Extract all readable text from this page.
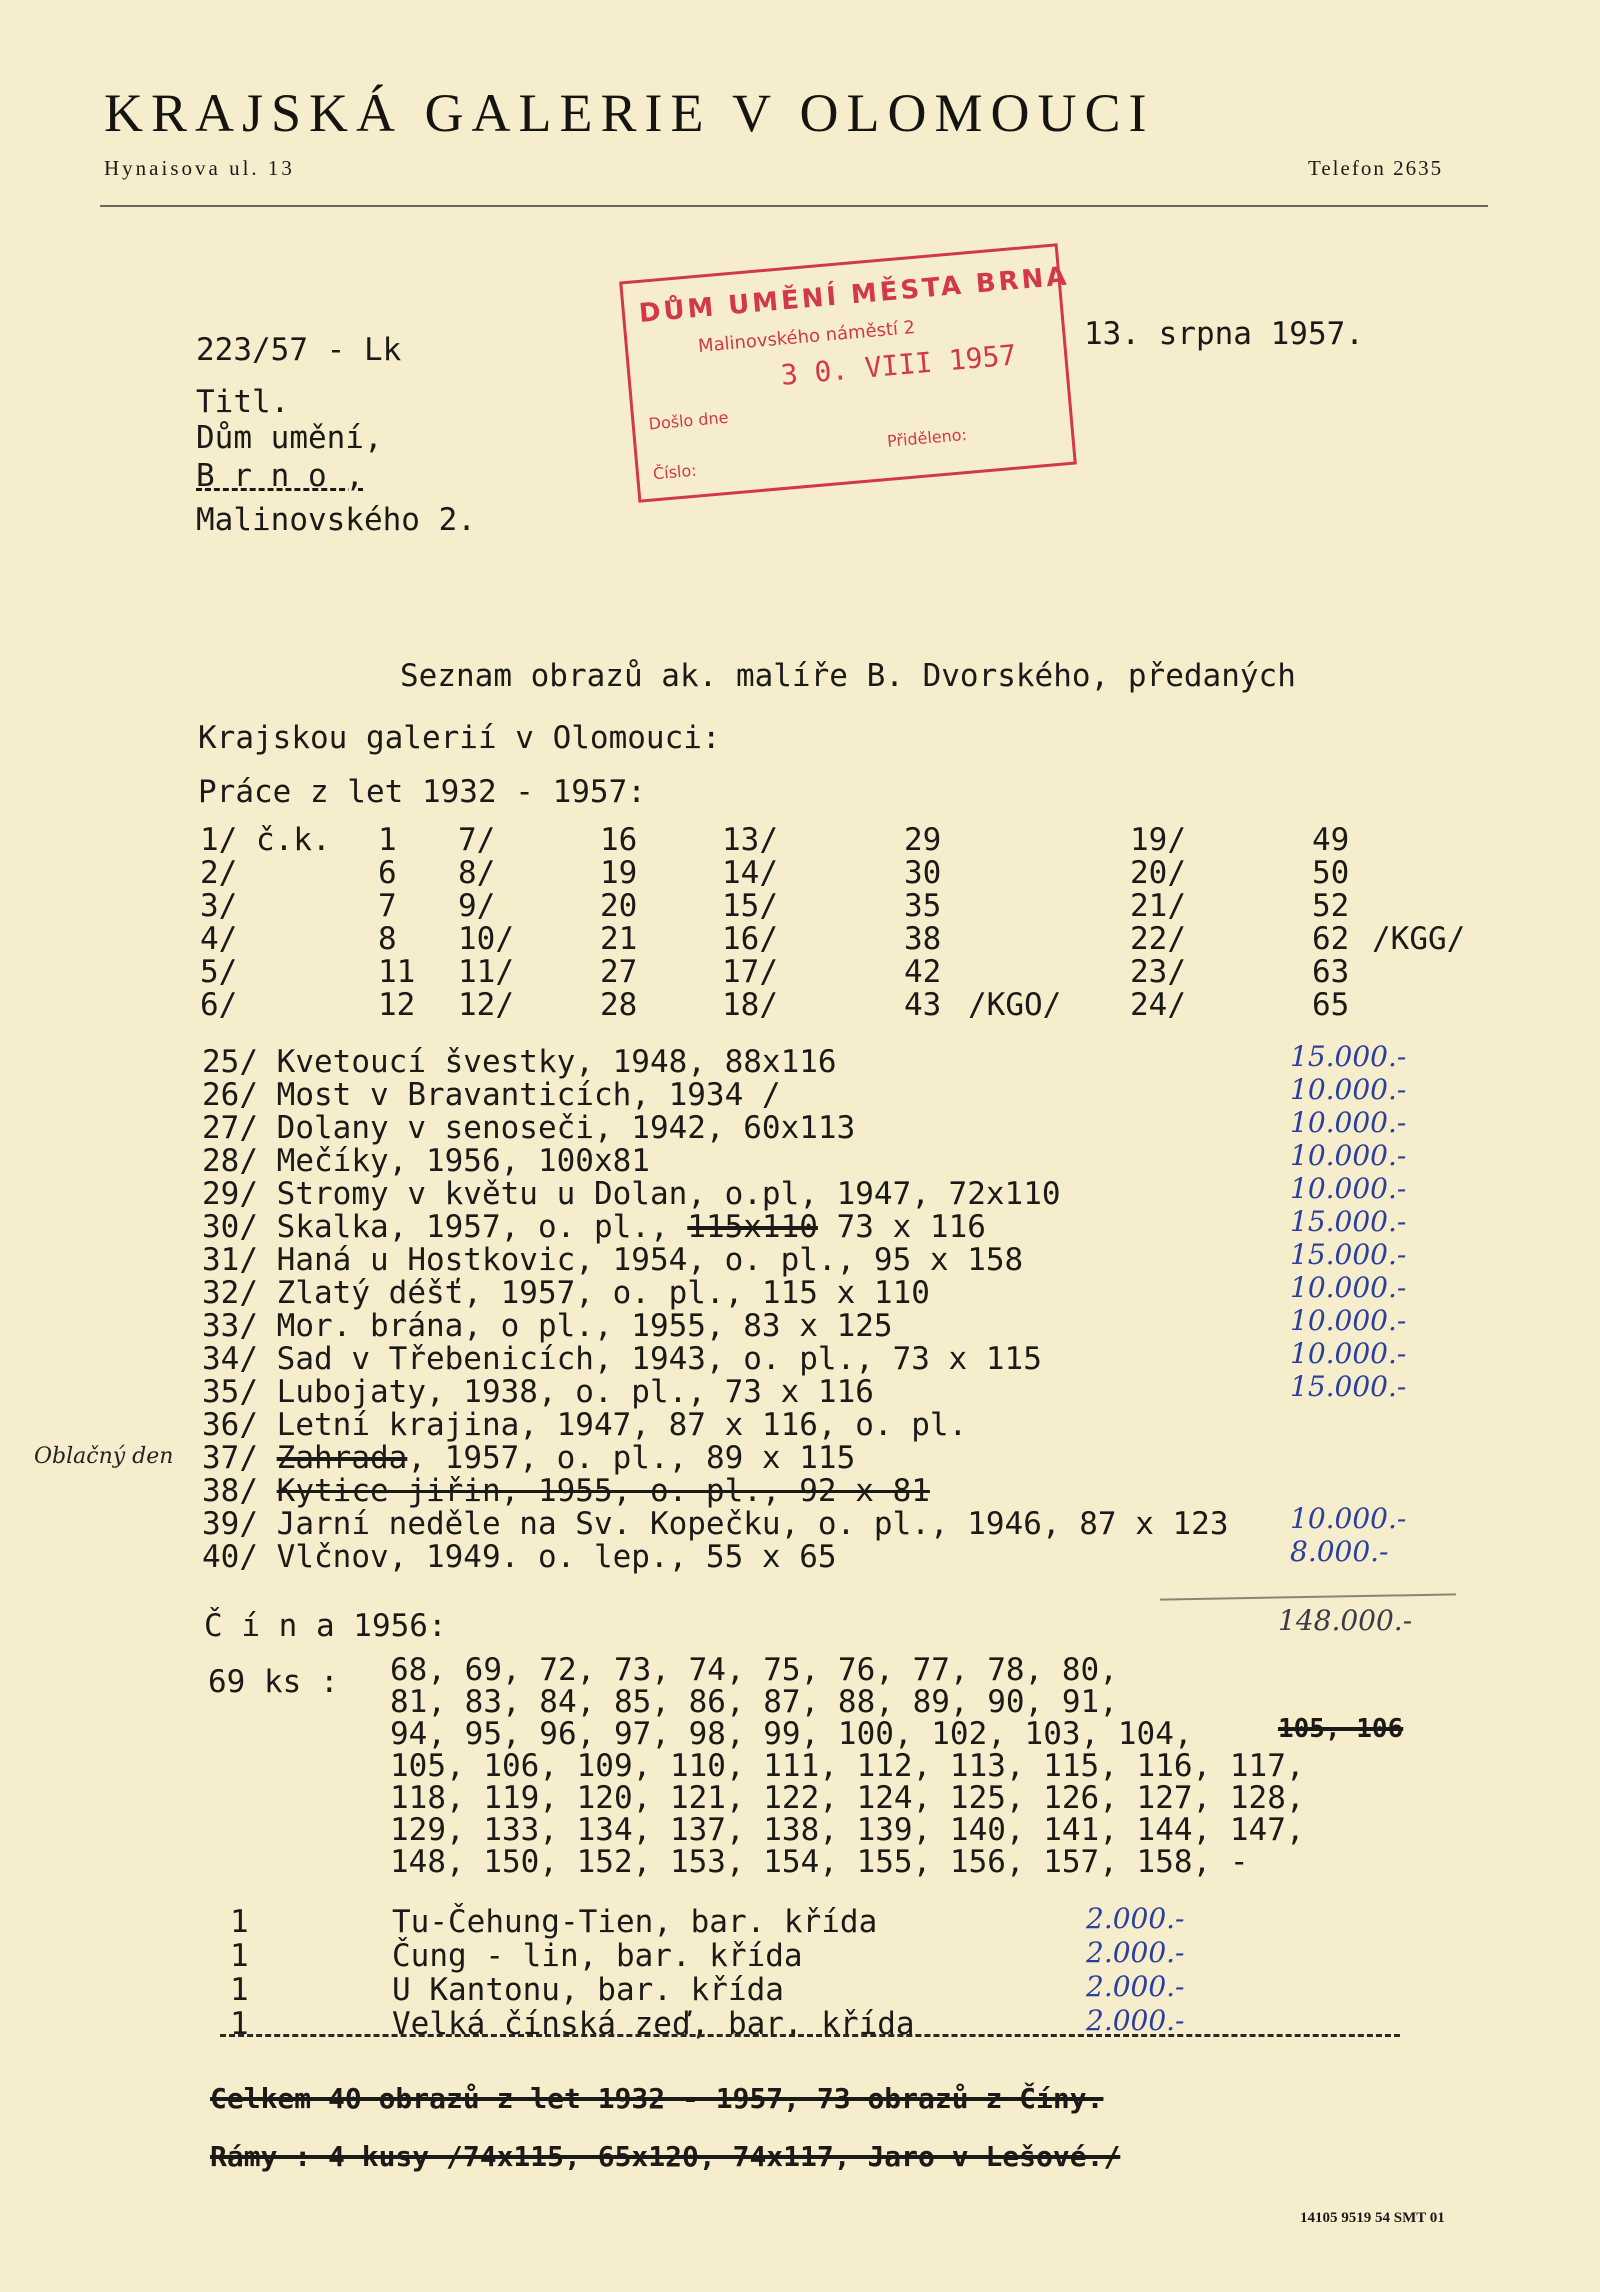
KRAJSKÁ GALERIE V OLOMOUCI
Hynaisova ul. 13	Telefon 2635
DŮM UMĚNÍ MĚSTA BRNA
Malinovského náměstí 2
3 0. VIII 1957
Došlo dne
Číslo:
Přiděleno:
223/57 - Lk	13. srpna 1957.
Titl.
Dům umění,
B r n o ,
Malinovského 2.
Seznam obrazů ak. malíře B. Dvorského, předaných
Krajskou galerií v Olomouci:
Práce z let 1932 - 1957:
1/ č.k. 1 7/	16	13/	29	19/	49
2/	6 8/	19	14/	30	20/	50
3/	7 9/	20	15/	35	21/	52
4/	8 10/	21	16/	38	22/	62 /KGG/
5/	11 11/	27	17/	42	23/	63
6/	12 12/	28	18/	43 /KGO/ 24/	65
25/ Kvetoucí švestky, 1948, 88x116	15.000.-
26/ Most v Bravanticích, 1934 /	10.000.-
27/ Dolany v senoseči, 1942, 60x113	10.000.-
28/ Mečíky, 1956, 100x81	10.000.-
29/ Stromy v květu u Dolan, o.pl, 1947, 72x110	10.000.-
30/ Skalka, 1957, o. pl., 115x110 73 x 116	15.000.-
31/ Haná u Hostkovic, 1954, o. pl., 95 x 158	15.000.-
32/ Zlatý déšť, 1957, o. pl., 115 x 110	10.000.-
33/ Mor. brána, o pl., 1955, 83 x 125	10.000.-
34/ Sad v Třebenicích, 1943, o. pl., 73 x 115	10.000.-
35/ Lubojaty, 1938, o. pl., 73 x 116	15.000.-
36/ Letní krajina, 1947, 87 x 116, o. pl.
37/ Zahrada, 1957, o. pl., 89 x 115
Oblačný den
38/ Kytice jiřin, 1955, o. pl., 92 x 81
39/ Jarní neděle na Sv. Kopečku, o. pl., 1946, 87 x 123 10.000.-
40/ Vlčnov, 1949. o. lep., 55 x 65	8.000.-
148.000.-
Č í n a 1956:
69 ks : 68, 69, 72, 73, 74, 75, 76, 77, 78, 80,
81, 83, 84, 85, 86, 87, 88, 89, 90, 91,
94, 95, 96, 97, 98, 99, 100, 102, 103, 104,
105, 106, 109, 110, 111, 112, 113, 115, 116, 117,
118, 119, 120, 121, 122, 124, 125, 126, 127, 128,
129, 133, 134, 137, 138, 139, 140, 141, 144, 147,
148, 150, 152, 153, 154, 155, 156, 157, 158, -
105, 106
1	Tu-Čehung-Tien, bar. křída	2.000.-
1	Čung - lin, bar. křída	2.000.-
1	U Kantonu, bar. křída	2.000.-
1	Velká čínská zeď, bar. křída	2.000.-
Celkem 40 obrazů z let 1932 - 1957, 73 obrazů z Číny.
Rámy : 4 kusy /74x115, 65x120, 74x117, Jaro v Lešové./
14105 9519 54 SMT 01
